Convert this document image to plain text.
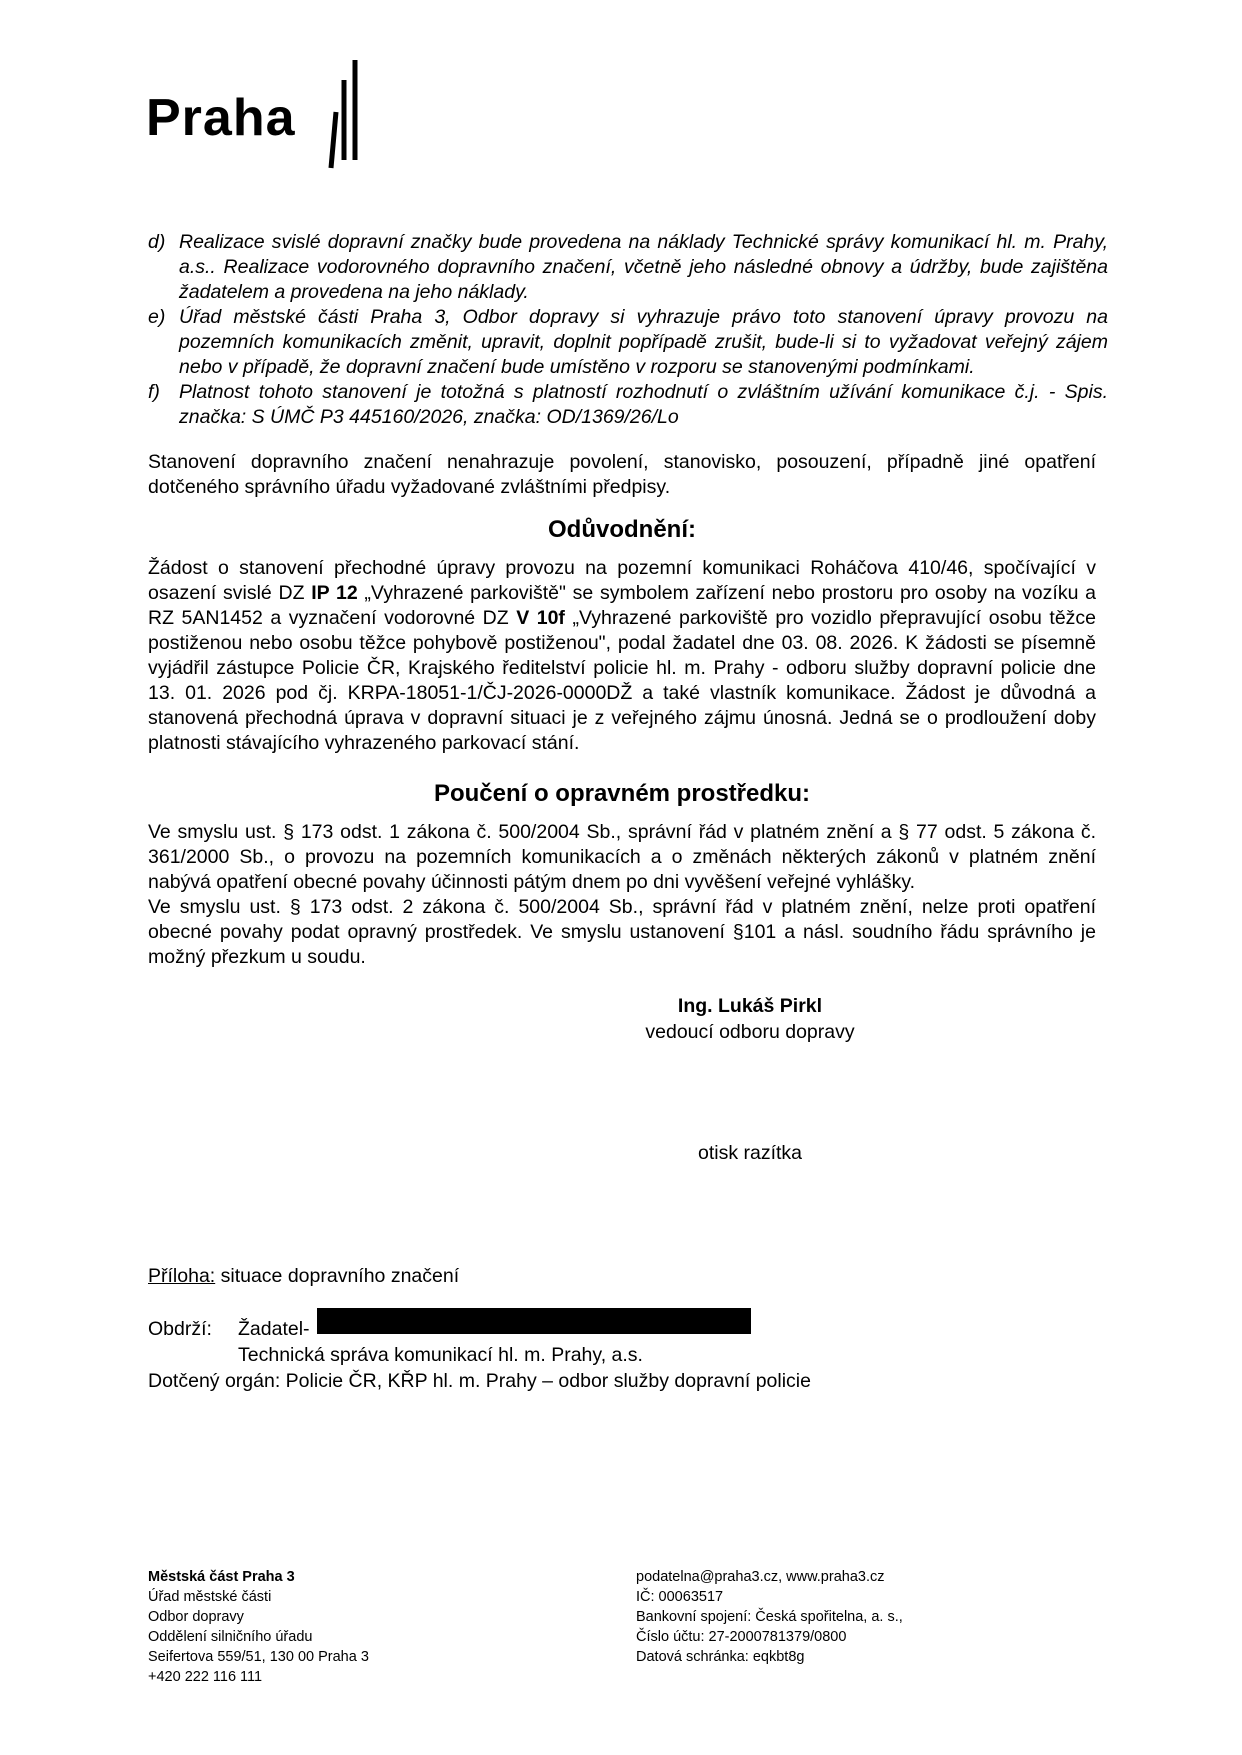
Praha
d) Realizace svislé dopravní značky bude provedena na náklady Technické správy komunikací hl. m. Prahy, a.s.. Realizace vodorovného dopravního značení, včetně jeho následné obnovy a údržby, bude zajištěna žadatelem a provedena na jeho náklady.
e) Úřad městské části Praha 3, Odbor dopravy si vyhrazuje právo toto stanovení úpravy provozu na pozemních komunikacích změnit, upravit, doplnit popřípadě zrušit, bude-li si to vyžadovat veřejný zájem nebo v případě, že dopravní značení bude umístěno v rozporu se stanovenými podmínkami.
f) Platnost tohoto stanovení je totožná s platností rozhodnutí o zvláštním užívání komunikace č.j. - Spis. značka: S ÚMČ P3 445160/2026, značka: OD/1369/26/Lo
Stanovení dopravního značení nenahrazuje povolení, stanovisko, posouzení, případně jiné opatření dotčeného správního úřadu vyžadované zvláštními předpisy.
Odůvodnění:
Žádost o stanovení přechodné úpravy provozu na pozemní komunikaci Roháčova 410/46, spočívající v osazení svislé DZ IP 12 „Vyhrazené parkoviště" se symbolem zařízení nebo prostoru pro osoby na vozíku a RZ 5AN1452 a vyznačení vodorovné DZ V 10f „Vyhrazené parkoviště pro vozidlo přepravující osobu těžce postiženou nebo osobu těžce pohybově postiženou", podal žadatel dne 03. 08. 2026. K žádosti se písemně vyjádřil zástupce Policie ČR, Krajského ředitelství policie hl. m. Prahy - odboru služby dopravní policie dne 13. 01. 2026 pod čj. KRPA-18051-1/ČJ-2026-0000DŽ a také vlastník komunikace. Žádost je důvodná a stanovená přechodná úprava v dopravní situaci je z veřejného zájmu únosná. Jedná se o prodloužení doby platnosti stávajícího vyhrazeného parkovací stání.
Poučení o opravném prostředku:
Ve smyslu ust. § 173 odst. 1 zákona č. 500/2004 Sb., správní řád v platném znění a § 77 odst. 5 zákona č. 361/2000 Sb., o provozu na pozemních komunikacích a o změnách některých zákonů v platném znění nabývá opatření obecné povahy účinnosti pátým dnem po dni vyvěšení veřejné vyhlášky.
Ve smyslu ust. § 173 odst. 2 zákona č. 500/2004 Sb., správní řád v platném znění, nelze proti opatření obecné povahy podat opravný prostředek. Ve smyslu ustanovení §101 a násl. soudního řádu správního je možný přezkum u soudu.
Ing. Lukáš Pirkl
vedoucí odboru dopravy
otisk razítka
Příloha: situace dopravního značení
Obdrží: Žadatel-
Technická správa komunikací hl. m. Prahy, a.s.
Dotčený orgán: Policie ČR, KŘP hl. m. Prahy – odbor služby dopravní policie
Městská část Praha 3
Úřad městské části
Odbor dopravy
Oddělení silničního úřadu
Seifertova 559/51, 130 00 Praha 3
+420 222 116 111
podatelna@praha3.cz, www.praha3.cz
IČ: 00063517
Bankovní spojení: Česká spořitelna, a. s.,
Číslo účtu: 27-2000781379/0800
Datová schránka: eqkbt8g
